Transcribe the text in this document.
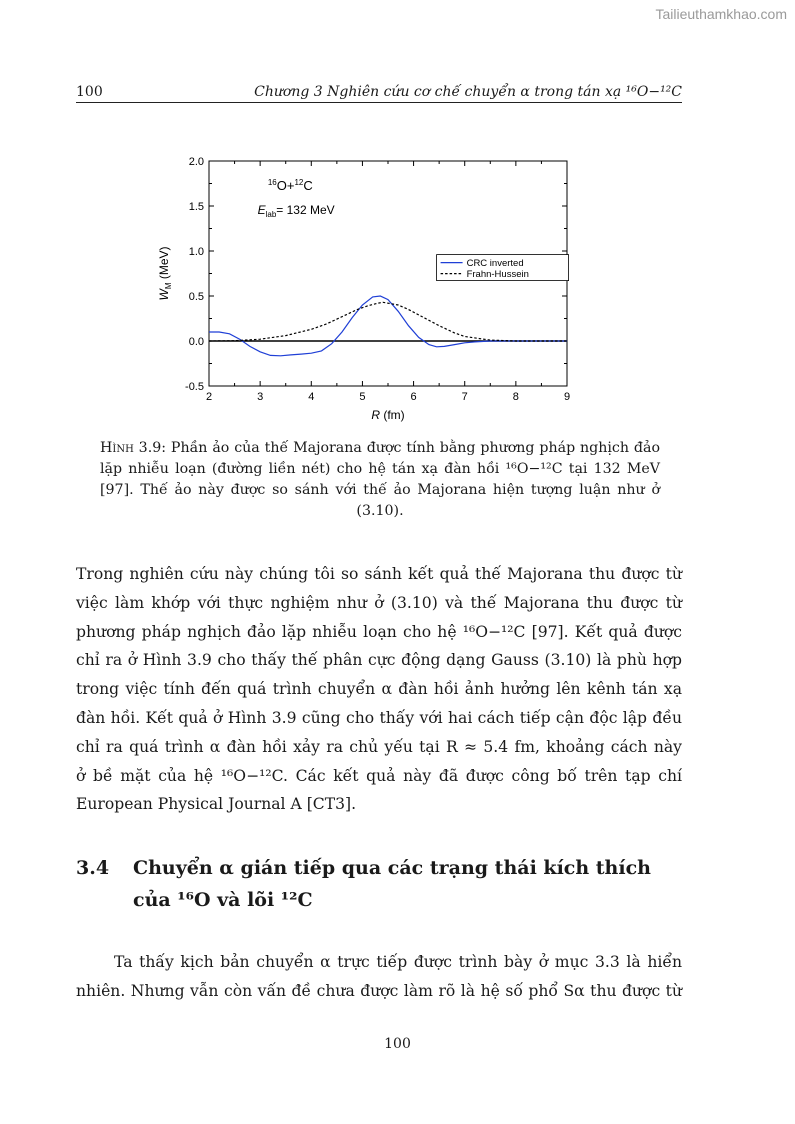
Tailieuthamkhao.com
100	Chương 3 Nghiên cứu cơ chế chuyển α trong tán xạ ¹⁶O−¹²C
2	3	4	5	6	7	8	9
-0.5
0.0
0.5
1.0
1.5
2.0
R (fm)
$W_M$ (MeV)
$^{16}$O+$^{12}$C
$E_{lab}= 132$ MeV
CRC inverted
Frahn-Hussein
Hình 3.9: Phần ảo của thế Majorana được tính bằng phương pháp nghịch đảo lặp nhiễu loạn (đường liền nét) cho hệ tán xạ đàn hồi ¹⁶O−¹²C tại 132 MeV [97]. Thế ảo này được so sánh với thế ảo Majorana hiện tượng luận như ở (3.10).
Trong nghiên cứu này chúng tôi so sánh kết quả thế Majorana thu được từ
việc làm khớp với thực nghiệm như ở (3.10) và thế Majorana thu được từ
phương pháp nghịch đảo lặp nhiễu loạn cho hệ ¹⁶O−¹²C [97]. Kết quả được
chỉ ra ở Hình 3.9 cho thấy thế phân cực động dạng Gauss (3.10) là phù hợp
trong việc tính đến quá trình chuyển α đàn hồi ảnh hưởng lên kênh tán xạ
đàn hồi. Kết quả ở Hình 3.9 cũng cho thấy với hai cách tiếp cận độc lập đều
chỉ ra quá trình α đàn hồi xảy ra chủ yếu tại R ≈ 5.4 fm, khoảng cách này
ở bề mặt của hệ ¹⁶O−¹²C. Các kết quả này đã được công bố trên tạp chí
European Physical Journal A [CT3].
3.4 Chuyển α gián tiếp qua các trạng thái kích thích của ¹⁶O và lõi ¹²C
Ta thấy kịch bản chuyển α trực tiếp được trình bày ở mục 3.3 là hiển
nhiên. Nhưng vẫn còn vấn đề chưa được làm rõ là hệ số phổ Sα thu được từ
100
